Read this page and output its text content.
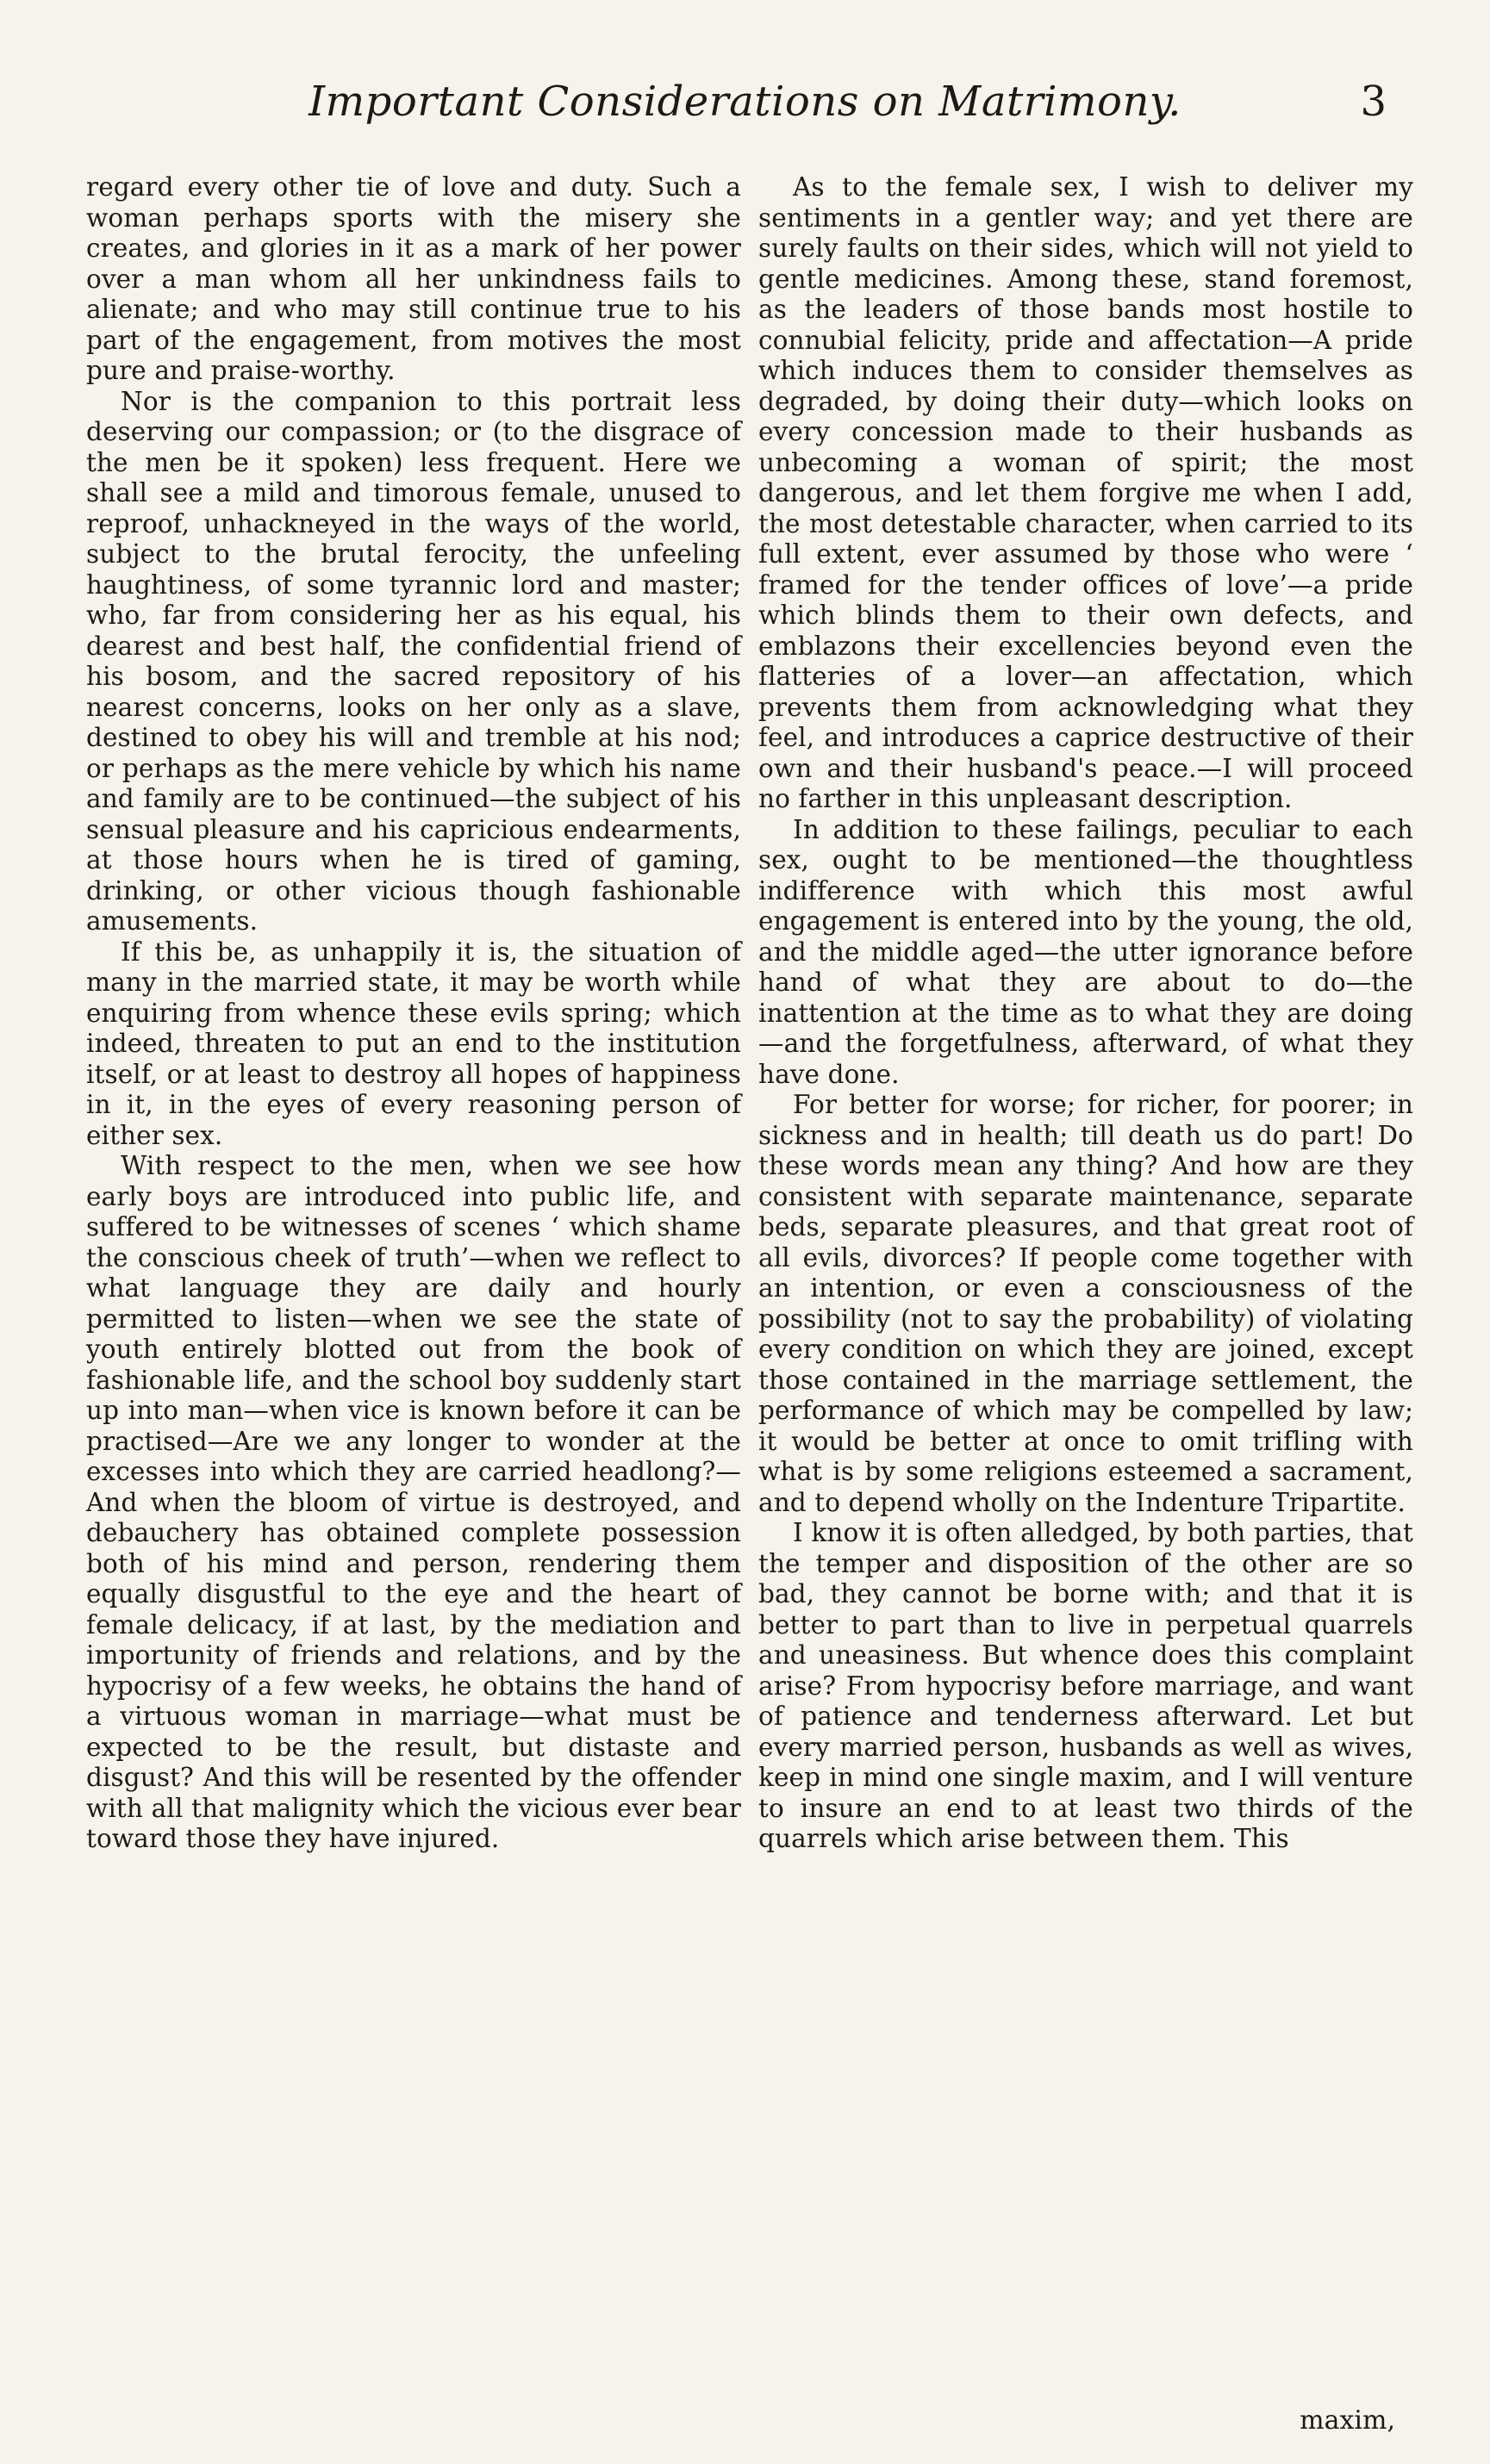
Important Considerations on Matrimony.	3

regard every other tie of love and duty. Such a woman perhaps sports with the misery she creates, and glories in it as a mark of her power over a man whom all her unkindness fails to alienate; and who may still continue true to his part of the engagement, from motives the most pure and praise-worthy.

Nor is the companion to this portrait less deserving our compassion; or (to the disgrace of the men be it spoken) less frequent. Here we shall see a mild and timorous female, unused to reproof, unhackneyed in the ways of the world, subject to the brutal ferocity, the unfeeling haughtiness, of some tyrannic lord and master; who, far from considering her as his equal, his dearest and best half, the confidential friend of his bosom, and the sacred repository of his nearest concerns, looks on her only as a slave, destined to obey his will and tremble at his nod; or perhaps as the mere vehicle by which his name and family are to be continued—the subject of his sensual pleasure and his capricious endearments, at those hours when he is tired of gaming, drinking, or other vicious though fashionable amusements.

If this be, as unhappily it is, the situation of many in the married state, it may be worth while enquiring from whence these evils spring; which indeed, threaten to put an end to the institution itself, or at least to destroy all hopes of happiness in it, in the eyes of every reasoning person of either sex.

With respect to the men, when we see how early boys are introduced into public life, and suffered to be witnesses of scenes ‘ which shame the conscious cheek of truth’—when we reflect to what language they are daily and hourly permitted to listen—when we see the state of youth entirely blotted out from the book of fashionable life, and the school boy suddenly start up into man—when vice is known before it can be practised—Are we any longer to wonder at the excesses into which they are carried headlong?—And when the bloom of virtue is destroyed, and debauchery has obtained complete possession both of his mind and person, rendering them equally disgustful to the eye and the heart of female delicacy, if at last, by the mediation and importunity of friends and relations, and by the hypocrisy of a few weeks, he obtains the hand of a virtuous woman in marriage—what must be expected to be the result, but distaste and disgust? And this will be resented by the offender with all that malignity which the vicious ever bear toward those they have injured.

As to the female sex, I wish to deliver my sentiments in a gentler way; and yet there are surely faults on their sides, which will not yield to gentle medicines. Among these, stand foremost, as the leaders of those bands most hostile to connubial felicity, pride and affectation—A pride which induces them to consider themselves as degraded, by doing their duty—which looks on every concession made to their husbands as unbecoming a woman of spirit; the most dangerous, and let them forgive me when I add, the most detestable character, when carried to its full extent, ever assumed by those who were ‘ framed for the tender offices of love’—a pride which blinds them to their own defects, and emblazons their excellencies beyond even the flatteries of a lover—an affectation, which prevents them from acknowledging what they feel, and introduces a caprice destructive of their own and their husband's peace.—I will proceed no farther in this unpleasant description.

In addition to these failings, peculiar to each sex, ought to be mentioned—the thoughtless indifference with which this most awful engagement is entered into by the young, the old, and the middle aged—the utter ignorance before hand of what they are about to do—the inattention at the time as to what they are doing—and the forgetfulness, afterward, of what they have done.

For better for worse; for richer, for poorer; in sickness and in health; till death us do part! Do these words mean any thing? And how are they consistent with separate maintenance, separate beds, separate pleasures, and that great root of all evils, divorces? If people come together with an intention, or even a consciousness of the possibility (not to say the probability) of violating every condition on which they are joined, except those contained in the marriage settlement, the performance of which may be compelled by law; it would be better at once to omit trifling with what is by some religions esteemed a sacrament, and to depend wholly on the Indenture Tripartite.

I know it is often alledged, by both parties, that the temper and disposition of the other are so bad, they cannot be borne with; and that it is better to part than to live in perpetual quarrels and uneasiness. But whence does this complaint arise? From hypocrisy before marriage, and want of patience and tenderness afterward. Let but every married person, husbands as well as wives, keep in mind one single maxim, and I will venture to insure an end to at least two thirds of the quarrels which arise between them. This

maxim,
